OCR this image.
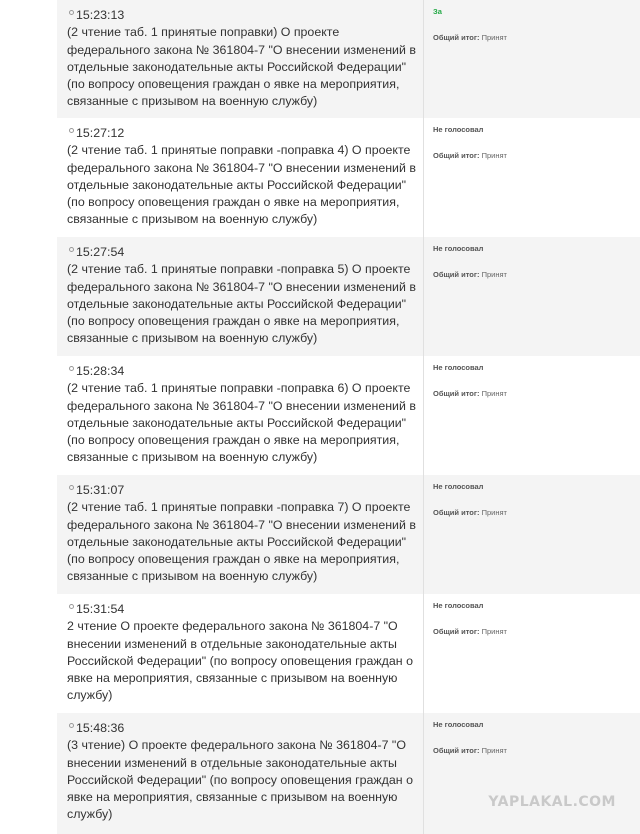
15:23:13
(2 чтение таб. 1 принятые поправки) О проекте федерального закона № 361804-7 "О внесении изменений в отдельные законодательные акты Российской Федерации" (по вопросу оповещения граждан о явке на мероприятия, связанные с призывом на военную службу)
За
Общий итог: Принят
15:27:12
(2 чтение таб. 1 принятые поправки -поправка 4) О проекте федерального закона № 361804-7 "О внесении изменений в отдельные законодательные акты Российской Федерации" (по вопросу оповещения граждан о явке на мероприятия, связанные с призывом на военную службу)
Не голосовал
Общий итог: Принят
15:27:54
(2 чтение таб. 1 принятые поправки -поправка 5) О проекте федерального закона № 361804-7 "О внесении изменений в отдельные законодательные акты Российской Федерации" (по вопросу оповещения граждан о явке на мероприятия, связанные с призывом на военную службу)
Не голосовал
Общий итог: Принят
15:28:34
(2 чтение таб. 1 принятые поправки -поправка 6) О проекте федерального закона № 361804-7 "О внесении изменений в отдельные законодательные акты Российской Федерации" (по вопросу оповещения граждан о явке на мероприятия, связанные с призывом на военную службу)
Не голосовал
Общий итог: Принят
15:31:07
(2 чтение таб. 1 принятые поправки -поправка 7) О проекте федерального закона № 361804-7 "О внесении изменений в отдельные законодательные акты Российской Федерации" (по вопросу оповещения граждан о явке на мероприятия, связанные с призывом на военную службу)
Не голосовал
Общий итог: Принят
15:31:54
2 чтение О проекте федерального закона № 361804-7 "О внесении изменений в отдельные законодательные акты Российской Федерации" (по вопросу оповещения граждан о явке на мероприятия, связанные с призывом на военную службу)
Не голосовал
Общий итог: Принят
15:48:36
(3 чтение) О проекте федерального закона № 361804-7 "О внесении изменений в отдельные законодательные акты Российской Федерации" (по вопросу оповещения граждан о явке на мероприятия, связанные с призывом на военную службу)
Не голосовал
Общий итог: Принят
YAPLAKAL.COM
